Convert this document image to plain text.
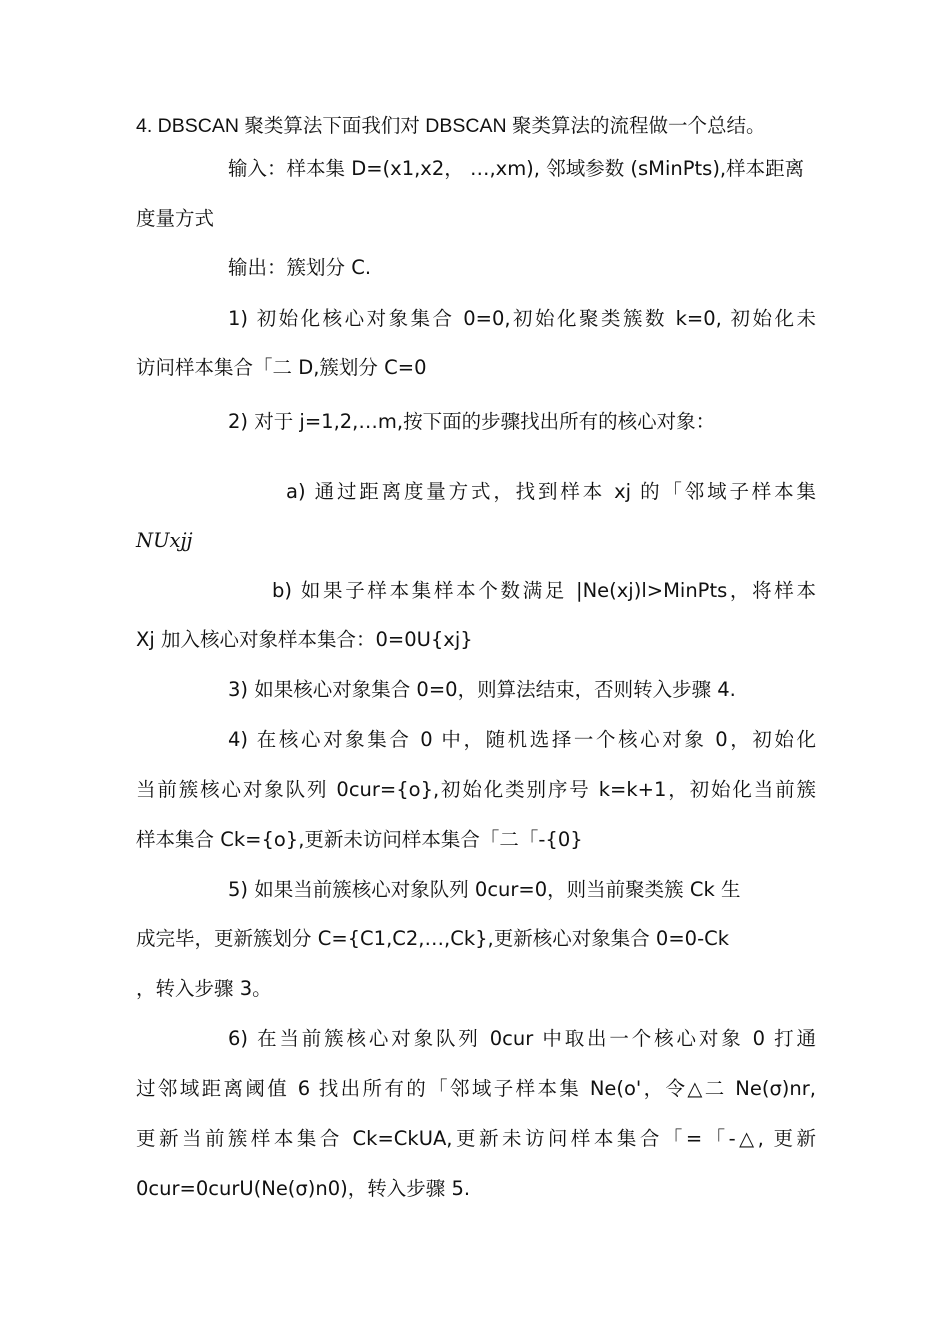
4. DBSCAN 聚类算法下面我们对 DBSCAN 聚类算法的流程做一个总结。
输入：样本集 D=(x1,x2， …,xm), 邻域参数 (sMinPts),样本距离
度量方式
输出：簇划分 C.
1) 初始化核心对象集合 0=0,初始化聚类簇数 k=0, 初始化未
访问样本集合「二 D,簇划分 C=0
2) 对于 j=1,2,…m,按下面的步骤找出所有的核心对象：
a) 通过距离度量方式，找到样本 xj 的「邻域子样本集
NUxjj
b) 如果子样本集样本个数满足 |Ne(xj)l>MinPts，将样本
Xj 加入核心对象样本集合：0=0U{xj}
3) 如果核心对象集合 0=0，则算法结束，否则转入步骤 4.
4) 在核心对象集合 0 中，随机选择一个核心对象 0，初始化
当前簇核心对象队列 0cur={o},初始化类别序号 k=k+1，初始化当前簇
样本集合 Ck={o},更新未访问样本集合「二「-{0}
5) 如果当前簇核心对象队列 0cur=0，则当前聚类簇 Ck 生
成完毕，更新簇划分 C={C1,C2,…,Ck},更新核心对象集合 0=0-Ck
，转入步骤 3。
6) 在当前簇核心对象队列 0cur 中取出一个核心对象 0 打通
过邻域距离阈值 6 找出所有的「邻域子样本集 Ne(o'，令△二 Ne(σ)nr,
更新当前簇样本集合 Ck=CkUA,更新未访问样本集合「=「-△, 更新
0cur=0curU(Ne(σ)n0)，转入步骤 5.
